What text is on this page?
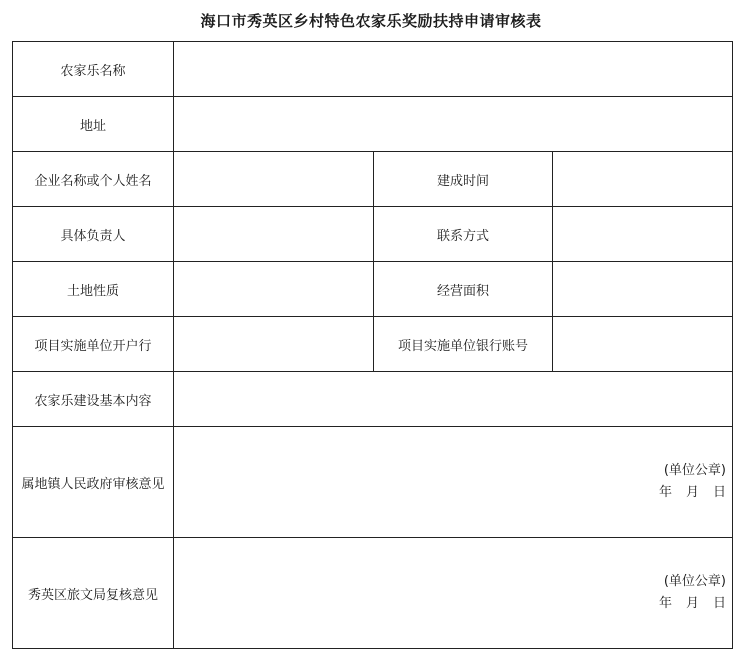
海口市秀英区乡村特色农家乐奖励扶持申请审核表
农家乐名称			
地址			
企业名称或个人姓名		建成时间	
具体负责人		联系方式	
土地性质		经营面积	
项目实施单位开户行		项目实施单位银行账号	
农家乐建设基本内容			
属地镇人民政府审核意见	(单位公章)
年 月 日		

秀英区旅文局复核意见	(单位公章)
年 月 日		
